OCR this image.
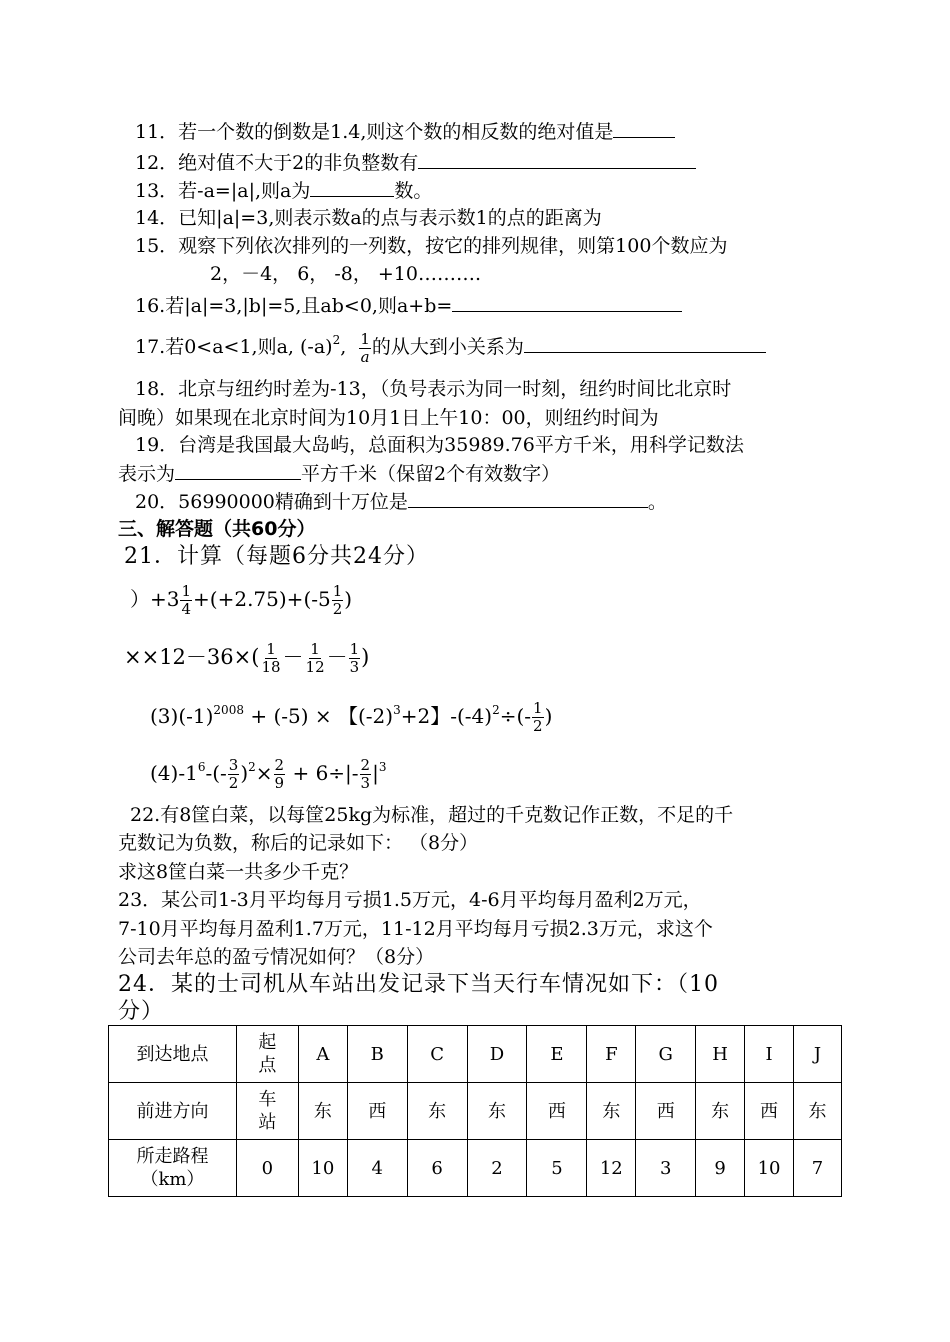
11．若一个数的倒数是1.4,则这个数的相反数的绝对值是
12．绝对值不大于2的非负整数有
13．若-a=|a|,则a为	数。
14．已知|a|=3,则表示数a的点与表示数1的点的距离为
15．观察下列依次排列的一列数，按它的排列规律，则第100个数应为
2，－4， 6， -8， +10……….
16.若|a|=3,|b|=5,且ab<0,则a+b=
17.若0<a<1,则a, $(-a)^2$, $\frac{1}{a}$ 的从大到小关系为
18．北京与纽约时差为-13，（负号表示为同一时刻，纽约时间比北京时
间晚）如果现在北京时间为10月1日上午10：00，则纽约时间为
19．台湾是我国最大岛屿，总面积为35989.76平方千米，用科学记数法
表示为	平方千米（保留2个有效数字）
20．56990000精确到十万位是	。
三、解答题（共60分）
21．计算（每题6分共24分）
）$+3 \frac{1}{4} +(+2.75)+(-5 \frac{1}{2}$ )
$\times\times 12-36\times( \frac{1}{18} - \frac{1}{12} - \frac{1}{3}$ )
$(3)(-1)^{2008} + (-5)$ × 【$(-2)^3+2$】$-(-4)^2\div(- \frac{1}{2}$ )
$(4)-1^6-(- \frac{3}{2} )^2\times \frac{2}{9} + 6\div|- \frac{2}{3} |^3$
22.有8筐白菜，以每筐25kg为标准，超过的千克数记作正数，不足的千
克数记为负数，称后的记录如下： （8分）
求这8筐白菜一共多少千克？
23．某公司1-3月平均每月亏损1.5万元，4-6月平均每月盈利2万元，
7-10月平均每月盈利1.7万元，11-12月平均每月亏损2.3万元，求这个
公司去年总的盈亏情况如何？（8分）
24．某的士司机从车站出发记录下当天行车情况如下：（10
分）
到达地点	起点	A	B	C	D	E	F	G	H	I	J
前进方向	车站	东	西	东	东	西	东	西	东	西	东
所走路程（km）	0	10	4	6	2	5	12	3	9	10	7
